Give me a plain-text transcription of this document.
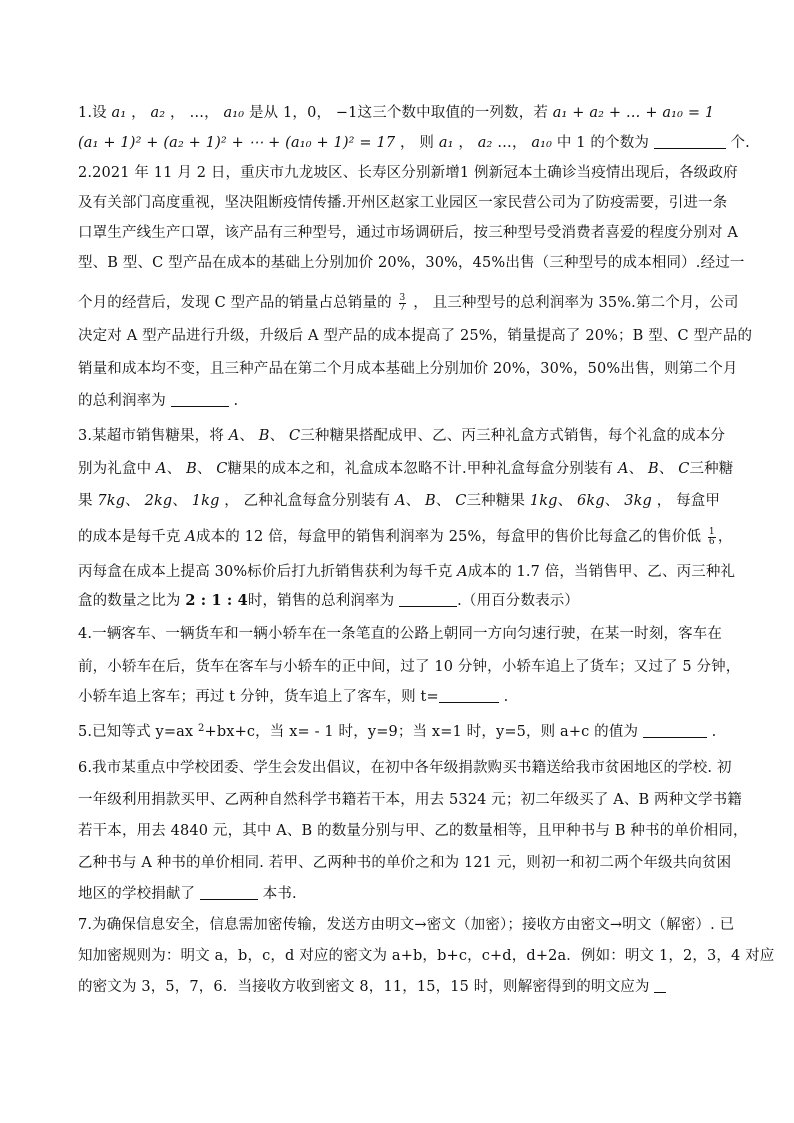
1.设 a₁ ， a₂ ， …， a₁₀ 是从 1，0， −1这三个数中取值的一列数，若 a₁ + a₂ + … + a₁₀ = 1
(a₁ + 1)² + (a₂ + 1)² + ⋯ + (a₁₀ + 1)² = 17 ， 则 a₁ ， a₂ …， a₁₀ 中 1 的个数为	个.
2.2021 年 11 月 2 日，重庆市九龙坡区、长寿区分别新增1 例新冠本土确诊当疫情出现后，各级政府
及有关部门高度重视，坚决阻断疫情传播.开州区赵家工业园区一家民营公司为了防疫需要，引进一条
口罩生产线生产口罩，该产品有三种型号，通过市场调研后，按三种型号受消费者喜爱的程度分别对 A
型、B 型、C 型产品在成本的基础上分别加价 20%，30%，45%出售（三种型号的成本相同）.经过一
个月的经营后，发现 C 型产品的销量占总销量的 $\frac{3}{7}$ ， 且三种型号的总利润率为 35%.第二个月，公司
决定对 A 型产品进行升级，升级后 A 型产品的成本提高了 25%，销量提高了 20%；B 型、C 型产品的
销量和成本均不变，且三种产品在第二个月成本基础上分别加价 20%，30%，50%出售，则第二个月
的总利润率为	.
3.某超市销售糖果，将 A、 B、 C三种糖果搭配成甲、乙、丙三种礼盒方式销售，每个礼盒的成本分
别为礼盒中 A、 B、 C糖果的成本之和，礼盒成本忽略不计.甲种礼盒每盒分别装有 A、 B、 C三种糖
果 7kg、 2kg、 1kg ， 乙种礼盒每盒分别装有 A、 B、 C三种糖果 1kg、 6kg、 3kg ， 每盒甲
的成本是每千克 A成本的 12 倍，每盒甲的销售利润率为 25%，每盒甲的售价比每盒乙的售价低 $\frac{1}{6}$ ，
丙每盒在成本上提高 30%标价后打九折销售获利为每千克 A成本的 1.7 倍，当销售甲、乙、丙三种礼
盒的数量之比为 2 : 1 : 4时，销售的总利润率为	.（用百分数表示）
4.一辆客车、一辆货车和一辆小轿车在一条笔直的公路上朝同一方向匀速行驶，在某一时刻，客车在
前，小轿车在后，货车在客车与小轿车的正中间，过了 10 分钟，小轿车追上了货车；又过了 5 分钟，
小轿车追上客车；再过 t 分钟，货车追上了客车，则 t=	.
5.已知等式 y=ax $^2$+bx+c，当 x= - 1 时，y=9；当 x=1 时，y=5，则 a+c 的值为	.
6.我市某重点中学校团委、学生会发出倡议，在初中各年级捐款购买书籍送给我市贫困地区的学校. 初
一年级利用捐款买甲、乙两种自然科学书籍若干本，用去 5324 元；初二年级买了 A、B 两种文学书籍
若干本，用去 4840 元，其中 A、B 的数量分别与甲、乙的数量相等，且甲种书与 B 种书的单价相同，
乙种书与 A 种书的单价相同. 若甲、乙两种书的单价之和为 121 元，则初一和初二两个年级共向贫困
地区的学校捐献了	本书.
7.为确保信息安全，信息需加密传输，发送方由明文→密文（加密）；接收方由密文→明文（解密）. 已
知加密规则为：明文 a，b，c，d 对应的密文为 a+b，b+c，c+d，d+2a．例如：明文 1，2，3，4 对应
的密文为 3，5，7，6．当接收方收到密文 8，11，15，15 时，则解密得到的明文应为
